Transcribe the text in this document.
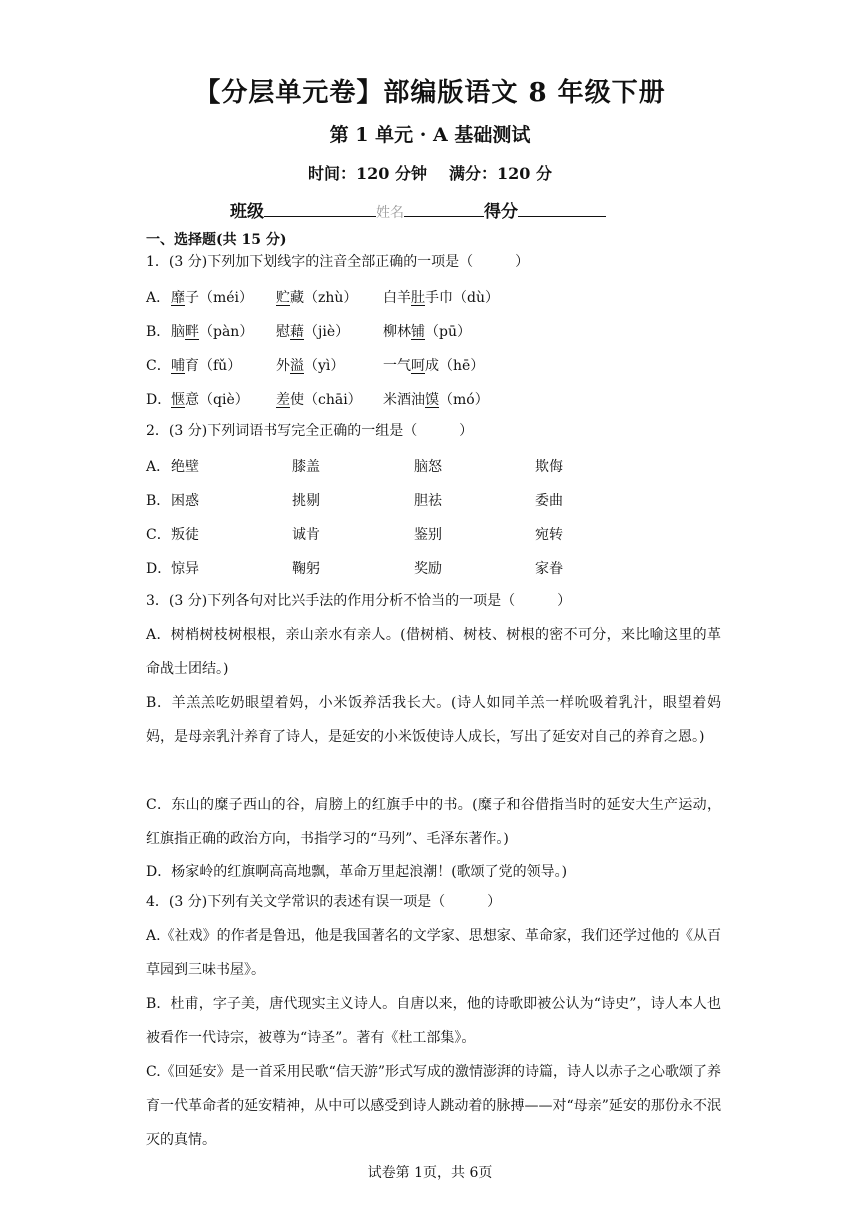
【分层单元卷】部编版语文 8 年级下册
第 1 单元 · A 基础测试
时间：120 分钟 满分：120 分
班级	姓名	得分
一、选择题(共 15 分)
1．(3 分)下列加下划线字的注音全部正确的一项是（　　　）
A． 靡子（méi） 贮藏（zhù） 白羊肚手巾（dù）
B． 脑畔（pàn） 慰藉（jiè） 柳林铺（pū）
C． 哺育（fǔ） 外溢（yì）	一气呵成（hē）
D． 惬意（qiè） 差使（chāi） 米酒油馍（mó）
2．(3 分)下列词语书写完全正确的一组是（　　　）
A． 绝壁	膝盖	脑怒	欺侮
B． 困惑	挑剔	胆祛	委曲
C． 叛徒	诚肯	鉴别	宛转
D． 惊异	鞠躬	奖励	家眷
3．(3 分)下列各句对比兴手法的作用分析不恰当的一项是（　　　）
A．树梢树枝树根根，亲山亲水有亲人。(借树梢、树枝、树根的密不可分，来比喻这里的革命战士团结。)
B．羊羔羔吃奶眼望着妈，小米饭养活我长大。(诗人如同羊羔一样吮吸着乳汁，眼望着妈妈，是母亲乳汁养育了诗人，是延安的小米饭使诗人成长，写出了延安对自己的养育之恩。)
C．东山的糜子西山的谷，肩膀上的红旗手中的书。(糜子和谷借指当时的延安大生产运动，红旗指正确的政治方向，书指学习的“马列”、毛泽东著作。)
D．杨家岭的红旗啊高高地飘，革命万里起浪潮！(歌颂了党的领导。)
4．(3 分)下列有关文学常识的表述有误一项是（　　　）
A.《社戏》的作者是鲁迅，他是我国著名的文学家、思想家、革命家，我们还学过他的《从百草园到三味书屋》。
B．杜甫，字子美，唐代现实主义诗人。自唐以来，他的诗歌即被公认为“诗史”，诗人本人也被看作一代诗宗，被尊为“诗圣”。著有《杜工部集》。
C.《回延安》是一首采用民歌“信天游”形式写成的激情澎湃的诗篇，诗人以赤子之心歌颂了养育一代革命者的延安精神，从中可以感受到诗人跳动着的脉搏——对“母亲”延安的那份永不泯灭的真情。
试卷第 1页，共 6页
